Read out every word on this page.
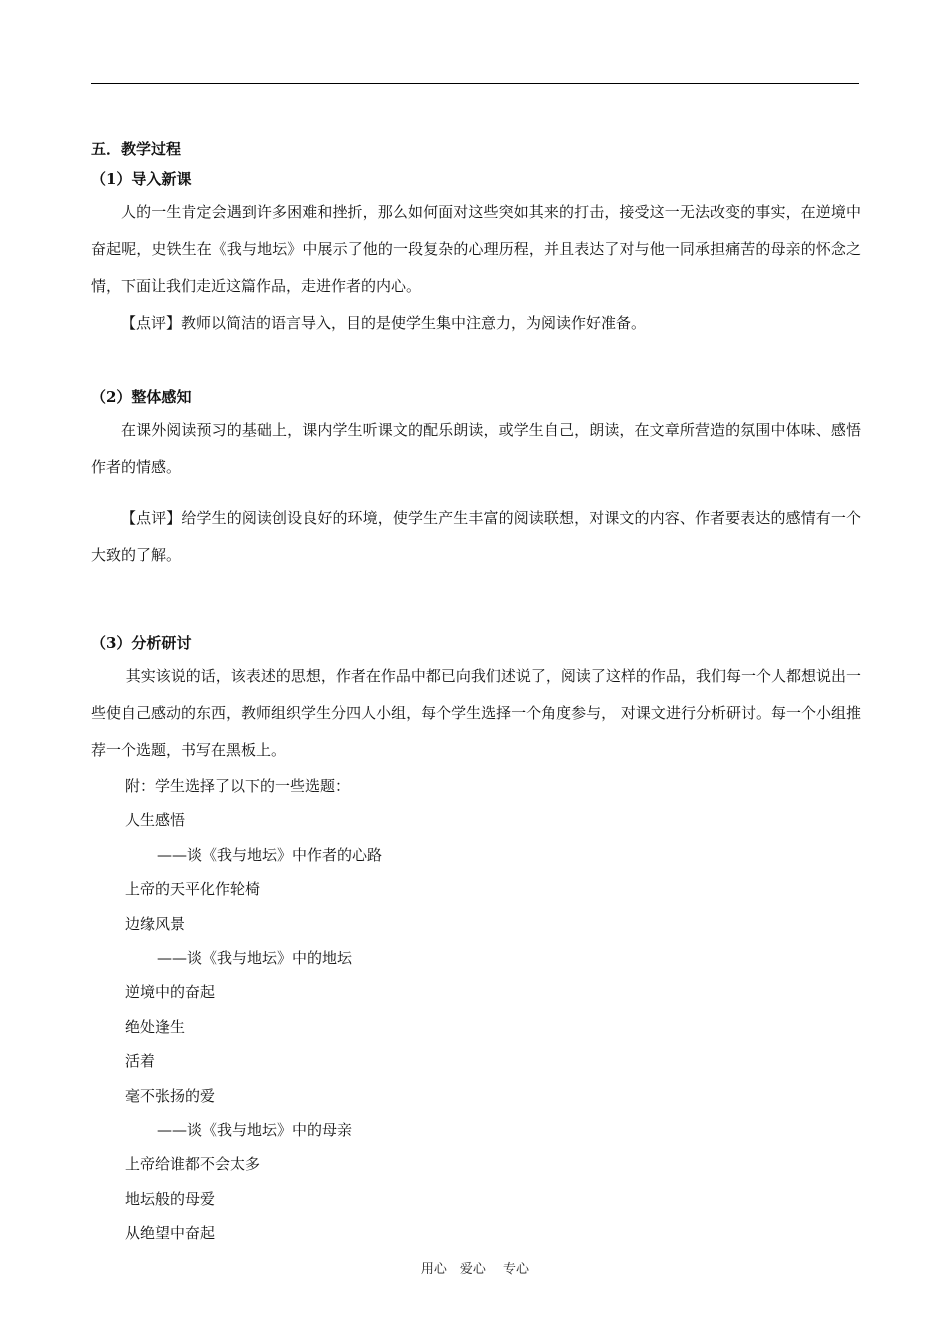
五．教学过程
（1）导入新课
人的一生肯定会遇到许多困难和挫折，那么如何面对这些突如其来的打击，接受这一无法改变的事实，在逆境中奋起呢，史铁生在《我与地坛》中展示了他的一段复杂的心理历程，并且表达了对与他一同承担痛苦的母亲的怀念之情，下面让我们走近这篇作品，走进作者的内心。
【点评】教师以简洁的语言导入，目的是使学生集中注意力，为阅读作好准备。
（2）整体感知
在课外阅读预习的基础上，课内学生听课文的配乐朗读，或学生自己，朗读，在文章所营造的氛围中体味、感悟作者的情感。
【点评】给学生的阅读创设良好的环境，使学生产生丰富的阅读联想，对课文的内容、作者要表达的感情有一个大致的了解。
（3）分析研讨
其实该说的话，该表述的思想，作者在作品中都已向我们述说了，阅读了这样的作品，我们每一个人都想说出一些使自己感动的东西，教师组织学生分四人小组，每个学生选择一个角度参与， 对课文进行分析研讨。每一个小组推荐一个选题，书写在黑板上。
附：学生选择了以下的一些选题：
人生感悟
——谈《我与地坛》中作者的心路
上帝的天平化作轮椅
边缘风景
——谈《我与地坛》中的地坛
逆境中的奋起
绝处逢生
活着
毫不张扬的爱
——谈《我与地坛》中的母亲
上帝给谁都不会太多
地坛般的母爱
从绝望中奋起
用心　爱心　 专心
